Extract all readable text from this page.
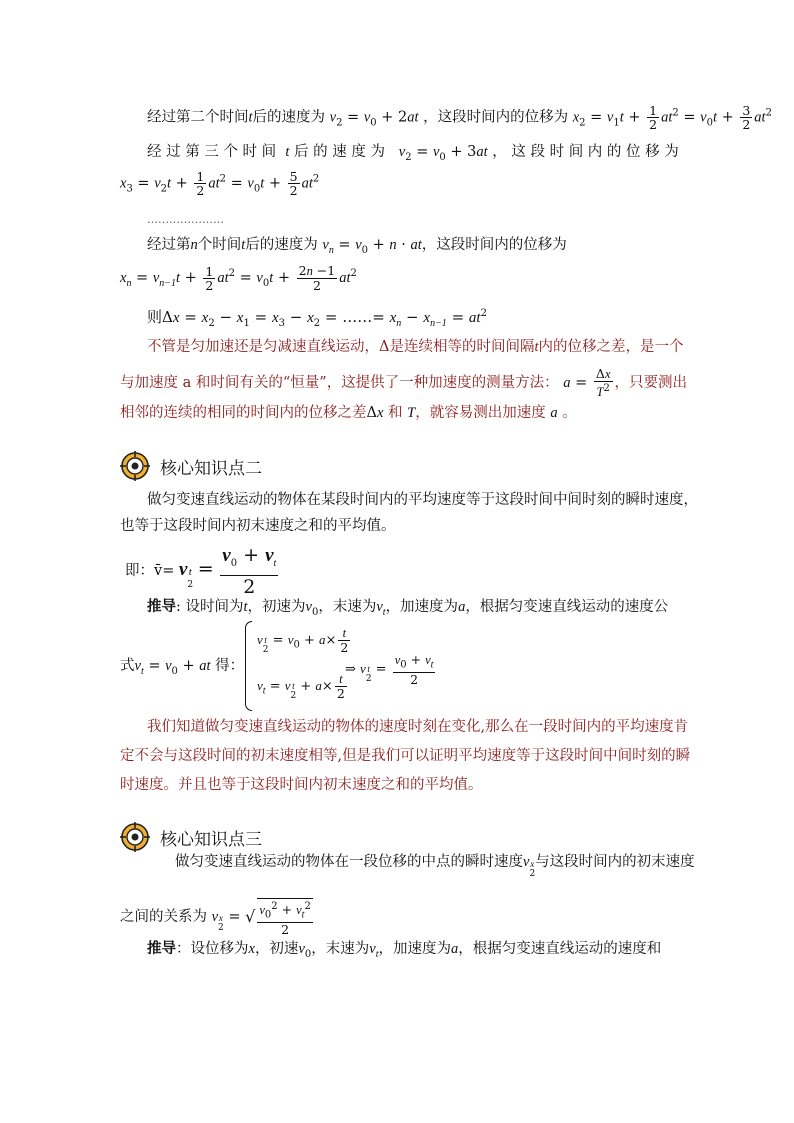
经过第二个时间t后的速度为 $v_2 = v_0 + 2at$ ，这段时间内的位移为 $x_2 = v_1t + \frac{1}{2} at^2 = v_0t + \frac{3}{2} at^2$
经 过 第 三 个 时 间 t 后 的 速 度 为 $v_2 = v_0 + 3at$ ， 这 段 时 间 内 的 位 移 为
$x_3 = v_2t + \frac{1}{2} at^2 = v_0t + \frac{5}{2} at^2$
…………………
经过第n个时间t后的速度为 $v_n = v_0 + n$ · at，这段时间内的位移为
$x_n = v_{n-1}t + \frac{1}{2} at^2 = v_0t + \frac{2n -1}{2} at^2$
则$\Delta x = x_2 - x_1 = x_3 - x_2$ = ……= $x_n - x_{n-1} = at^2$
不管是匀加速还是匀减速直线运动，Δ是连续相等的时间间隔t内的位移之差，是一个
与加速度 a 和时间有关的“恒量”，这提供了一种加速度的测量方法： $a = \frac{\Delta x}{T^2}$ ，只要测出
相邻的连续的相同的时间内的位移之差Δx 和 T，就容易测出加速度 a 。
核心知识点二
做匀变速直线运动的物体在某段时间内的平均速度等于这段时间中间时刻的瞬时速度，
也等于这段时间内初末速度之和的平均值。
即：v̄= vt
$2 = \frac{v_0 + v_t}{2}$
推导: 设时间为t，初速为$v_0$，末速为$v_t$，加速度为a，根据匀变速直线运动的速度公
式$v_t = v_0$ + at 得：
v t
$2 = v_0 + a\times \frac{t}{2}$
$v_t = v$ t
$2 + a\times \frac{t}{2}$
⇒ v t
$2 = \frac{v_0 + v_t}{2}$
我们知道做匀变速直线运动的物体的速度时刻在变化,那么在一段时间内的平均速度肯
定不会与这段时间的初末速度相等,但是我们可以证明平均速度等于这段时间中间时刻的瞬
时速度。并且也等于这段时间内初末速度之和的平均值。
核心知识点三
做匀变速直线运动的物体在一段位移的中点的瞬时速度vx
2与这段时间内的初末速度
之间的关系为 vx
2 = √ $\frac{v_0^2 + v_t^2}{2}$
推导：设位移为x，初速$v_0$，末速为$v_t$，加速度为a，根据匀变速直线运动的速度和
